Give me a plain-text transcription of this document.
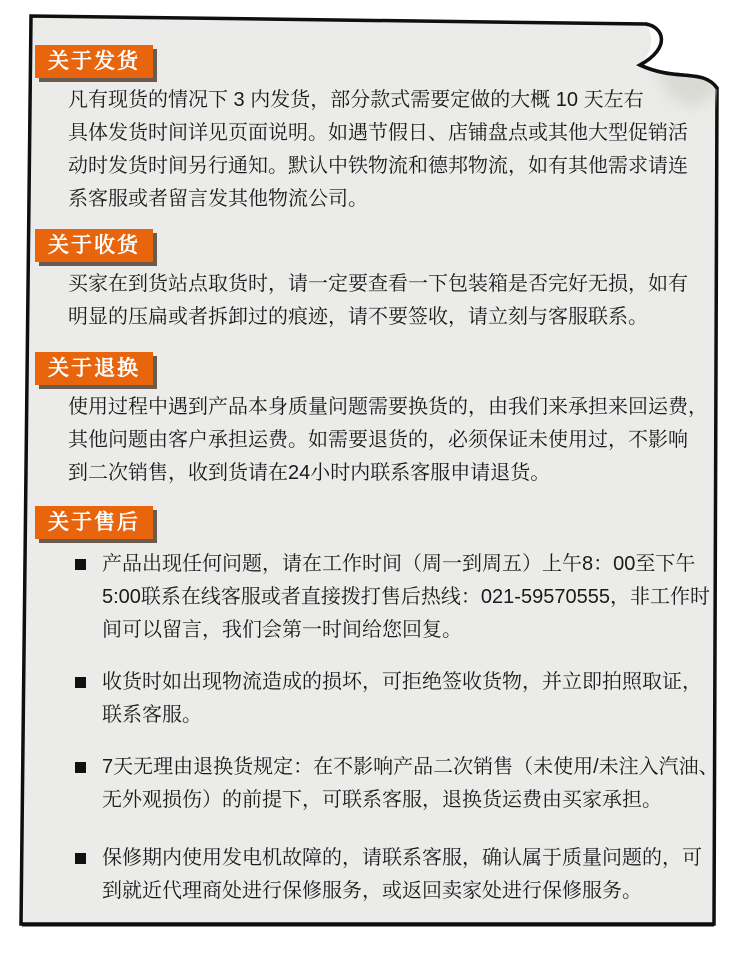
关于发货
凡有现货的情况下 3 内发货，部分款式需要定做的大概 10 天左右
具体发货时间详见页面说明。如遇节假日、店铺盘点或其他大型促销活
动时发货时间另行通知。默认中铁物流和德邦物流，如有其他需求请连
系客服或者留言发其他物流公司。
关于收货
买家在到货站点取货时，请一定要查看一下包装箱是否完好无损，如有
明显的压扁或者拆卸过的痕迹，请不要签收，请立刻与客服联系。
关于退换
使用过程中遇到产品本身质量问题需要换货的，由我们来承担来回运费，
其他问题由客户承担运费。如需要退货的，必须保证未使用过，不影响
到二次销售，收到货请在24小时内联系客服申请退货。
关于售后
产品出现任何问题，请在工作时间（周一到周五）上午8：00至下午
5:00联系在线客服或者直接拨打售后热线：021-59570555，非工作时
间可以留言，我们会第一时间给您回复。
收货时如出现物流造成的损坏，可拒绝签收货物，并立即拍照取证，
联系客服。
7天无理由退换货规定：在不影响产品二次销售（未使用/未注入汽油、
无外观损伤）的前提下，可联系客服，退换货运费由买家承担。
保修期内使用发电机故障的，请联系客服，确认属于质量问题的，可
到就近代理商处进行保修服务，或返回卖家处进行保修服务。
